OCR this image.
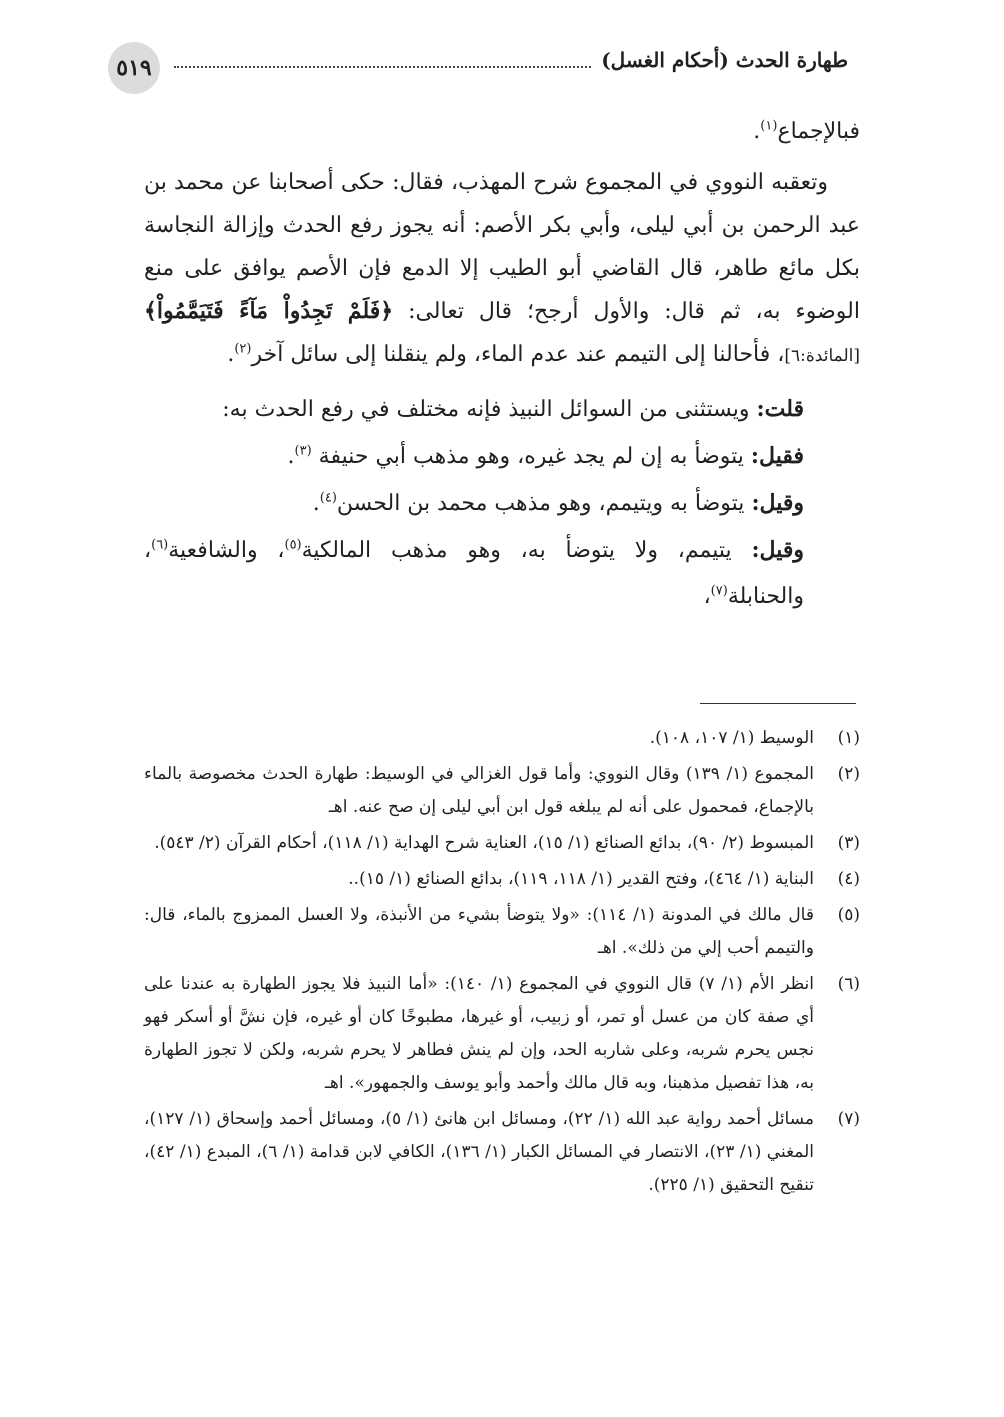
٥١٩	طهارة الحدث (أحكام الغسل)

فبالإجماع$^{(١)}$.

وتعقبه النووي في المجموع شرح المهذب، فقال: حكى أصحابنا عن محمد بن عبد الرحمن بن أبي ليلى، وأبي بكر الأصم: أنه يجوز رفع الحدث وإزالة النجاسة بكل مائع طاهر، قال القاضي أبو الطيب إلا الدمع فإن الأصم يوافق على منع الوضوء به، ثم قال: والأول أرجح؛ قال تعالى: ﴿فَلَمْ تَجِدُواْ مَآءً فَتَيَمَّمُواْ﴾ [المائدة:٦]، فأحالنا إلى التيمم عند عدم الماء، ولم ينقلنا إلى سائل آخر$^{(٢)}$.

قلت: ويستثنى من السوائل النبيذ فإنه مختلف في رفع الحدث به:

فقيل: يتوضأ به إن لم يجد غيره، وهو مذهب أبي حنيفة $^{(٣)}$.

وقيل: يتوضأ به ويتيمم، وهو مذهب محمد بن الحسن$^{(٤)}$.

وقيل: يتيمم، ولا يتوضأ به، وهو مذهب المالكية$^{(٥)}$، والشافعية$^{(٦)}$، والحنابلة$^{(٧)}$،

(١)
الوسيط (١/ ١٠٧، ١٠٨).
(٢)
المجموع (١/ ١٣٩) وقال النووي: وأما قول الغزالي في الوسيط: طهارة الحدث مخصوصة بالماء بالإجماع، فمحمول على أنه لم يبلغه قول ابن أبي ليلى إن صح عنه. اهـ
(٣)
المبسوط (٢/ ٩٠)، بدائع الصنائع (١/ ١٥)، العناية شرح الهداية (١/ ١١٨)، أحكام القرآن (٢/ ٥٤٣).
(٤)
البناية (١/ ٤٦٤)، وفتح القدير (١/ ١١٨، ١١٩)، بدائع الصنائع (١/ ١٥)..
(٥)
قال مالك في المدونة (١/ ١١٤): «ولا يتوضأ بشيء من الأنبذة، ولا العسل الممزوج بالماء، قال: والتيمم أحب إلي من ذلك». اهـ
(٦)
انظر الأم (١/ ٧) قال النووي في المجموع (١/ ١٤٠): «أما النبيذ فلا يجوز الطهارة به عندنا على أي صفة كان من عسل أو تمر، أو زبيب، أو غيرها، مطبوخًا كان أو غيره، فإن نشَّ أو أسكر فهو نجس يحرم شربه، وعلى شاربه الحد، وإن لم ينش فطاهر لا يحرم شربه، ولكن لا تجوز الطهارة به، هذا تفصيل مذهبنا، وبه قال مالك وأحمد وأبو يوسف والجمهور». اهـ
(٧)
مسائل أحمد رواية عبد الله (١/ ٢٢)، ومسائل ابن هانئ (١/ ٥)، ومسائل أحمد وإسحاق (١/ ١٢٧)، المغني (١/ ٢٣)، الانتصار في المسائل الكبار (١/ ١٣٦)، الكافي لابن قدامة (١/ ٦)، المبدع (١/ ٤٢)، تنقيح التحقيق (١/ ٢٢٥).
